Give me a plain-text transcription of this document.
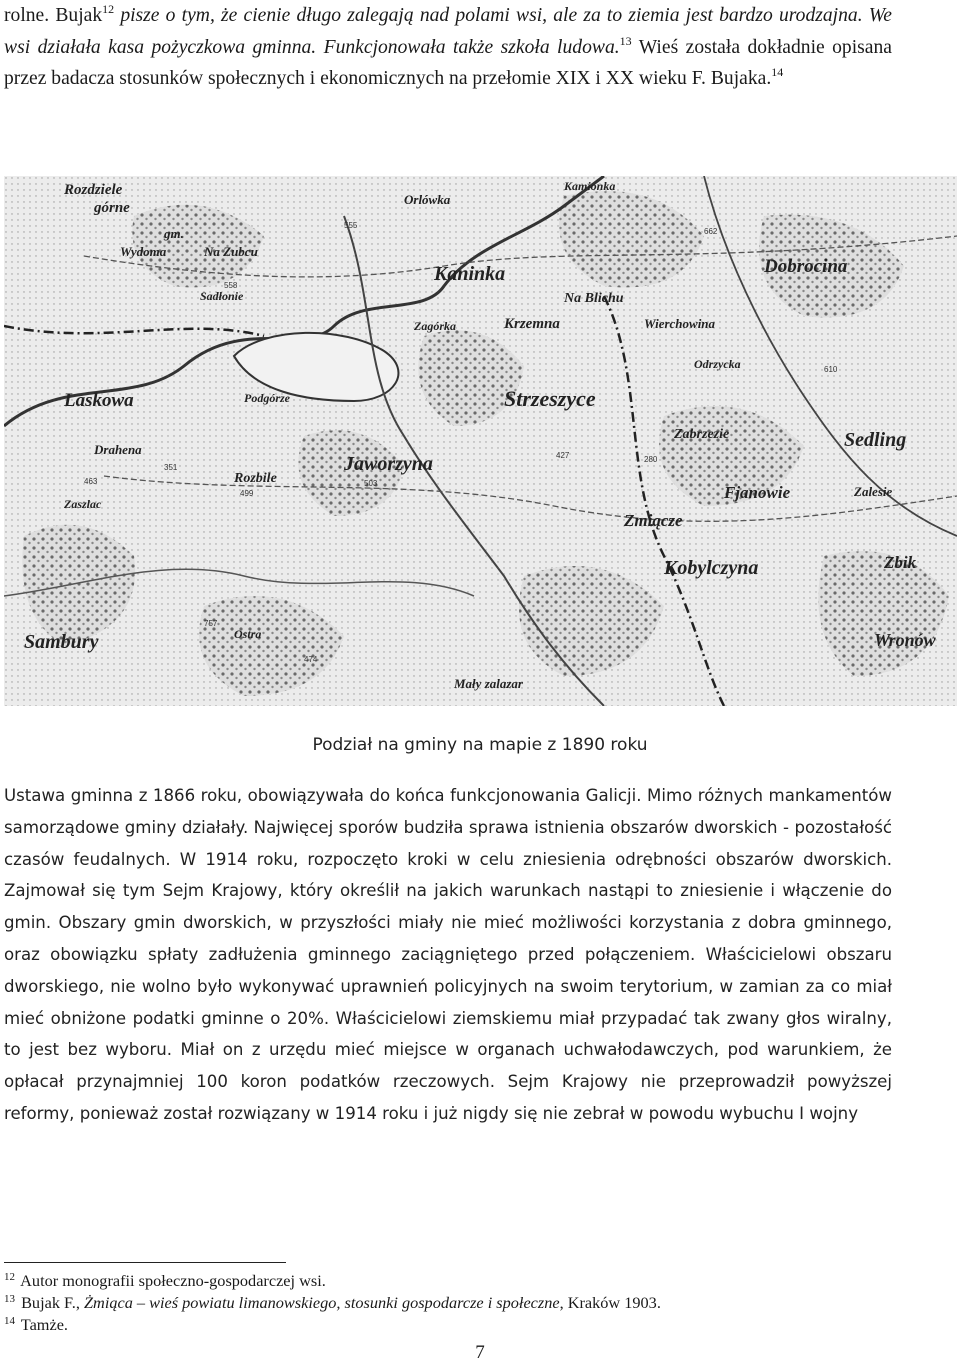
rolne. Bujak$^{12}$ pisze o tym, że cienie długo zalegają nad polami wsi, ale za to ziemia jest bardzo urodzajna. We wsi działała kasa pożyczkowa gminna. Funkcjonowała także szkoła ludowa.$^{13}$ Wieś została dokładnie opisana przez badacza stosunków społecznych i ekonomicznych na przełomie XIX i XX wieku F. Bujaka.$^{14}$
Rozdziele
górne
Orlówka
Kamionka
gm.
Wydoma	Na Zubcu
Sadłonie
Kaninka	Dobrocina
Na Blichu
Wierchowina
Zagórka	Krzemna
Odrzycka
Laskowa	Podgórze	Strzeszyce
Zabrzezie	Sedling
Drahena
Rozbile
Jaworzyna
Fjanowie
Zaszlac
Zmiącze
Zalesie
Kobylczyna	Zbik
Sambury	Ostra	Wronów
Mały zalazar
555
558
351
499
503
427
474
662
610
757
463
280
Podział na gminy na mapie z 1890 roku
Ustawa gminna z 1866 roku, obowiązywała do końca funkcjonowania Galicji. Mimo różnych mankamentów samorządowe gminy działały. Najwięcej sporów budziła sprawa istnienia obszarów dworskich - pozostałość czasów feudalnych. W 1914 roku, rozpoczęto kroki w celu zniesienia odrębności obszarów dworskich. Zajmował się tym Sejm Krajowy, który określił na jakich warunkach nastąpi to zniesienie i włączenie do gmin. Obszary gmin dworskich, w przyszłości miały nie mieć możliwości korzystania z dobra gminnego, oraz obowiązku spłaty zadłużenia gminnego zaciągniętego przed połączeniem. Właścicielowi obszaru dworskiego, nie wolno było wykonywać uprawnień policyjnych na swoim terytorium, w zamian za co miał mieć obniżone podatki gminne o 20%. Właścicielowi ziemskiemu miał przypadać tak zwany głos wiralny, to jest bez wyboru. Miał on z urzędu mieć miejsce w organach uchwałodawczych, pod warunkiem, że opłacał przynajmniej 100 koron podatków rzeczowych. Sejm Krajowy nie przeprowadził powyższej reformy, ponieważ został rozwiązany w 1914 roku i już nigdy się nie zebrał w powodu wybuchu I wojny
$^{12}$ Autor monografii społeczno-gospodarczej wsi.
$^{13}$ Bujak F., Żmiąca – wieś powiatu limanowskiego, stosunki gospodarcze i społeczne, Kraków 1903.
$^{14}$ Tamże.
7
